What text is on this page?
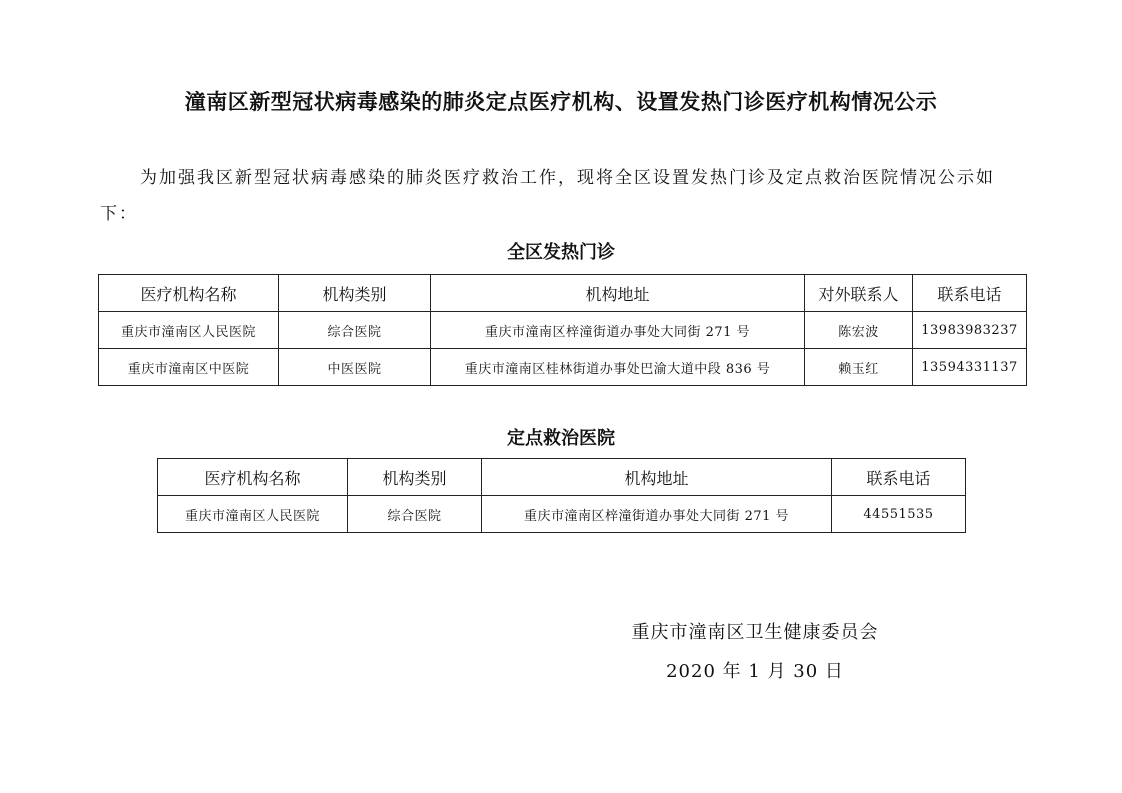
潼南区新型冠状病毒感染的肺炎定点医疗机构、设置发热门诊医疗机构情况公示
为加强我区新型冠状病毒感染的肺炎医疗救治工作，现将全区设置发热门诊及定点救治医院情况公示如下：
全区发热门诊
医疗机构名称	机构类别	机构地址	对外联系人	联系电话
重庆市潼南区人民医院	综合医院	重庆市潼南区梓潼街道办事处大同街 271 号	陈宏波	13983983237
重庆市潼南区中医院	中医医院	重庆市潼南区桂林街道办事处巴渝大道中段 836 号	赖玉红	13594331137
定点救治医院
医疗机构名称	机构类别	机构地址	联系电话
重庆市潼南区人民医院	综合医院	重庆市潼南区梓潼街道办事处大同街 271 号	44551535
重庆市潼南区卫生健康委员会
2020 年 1 月 30 日
